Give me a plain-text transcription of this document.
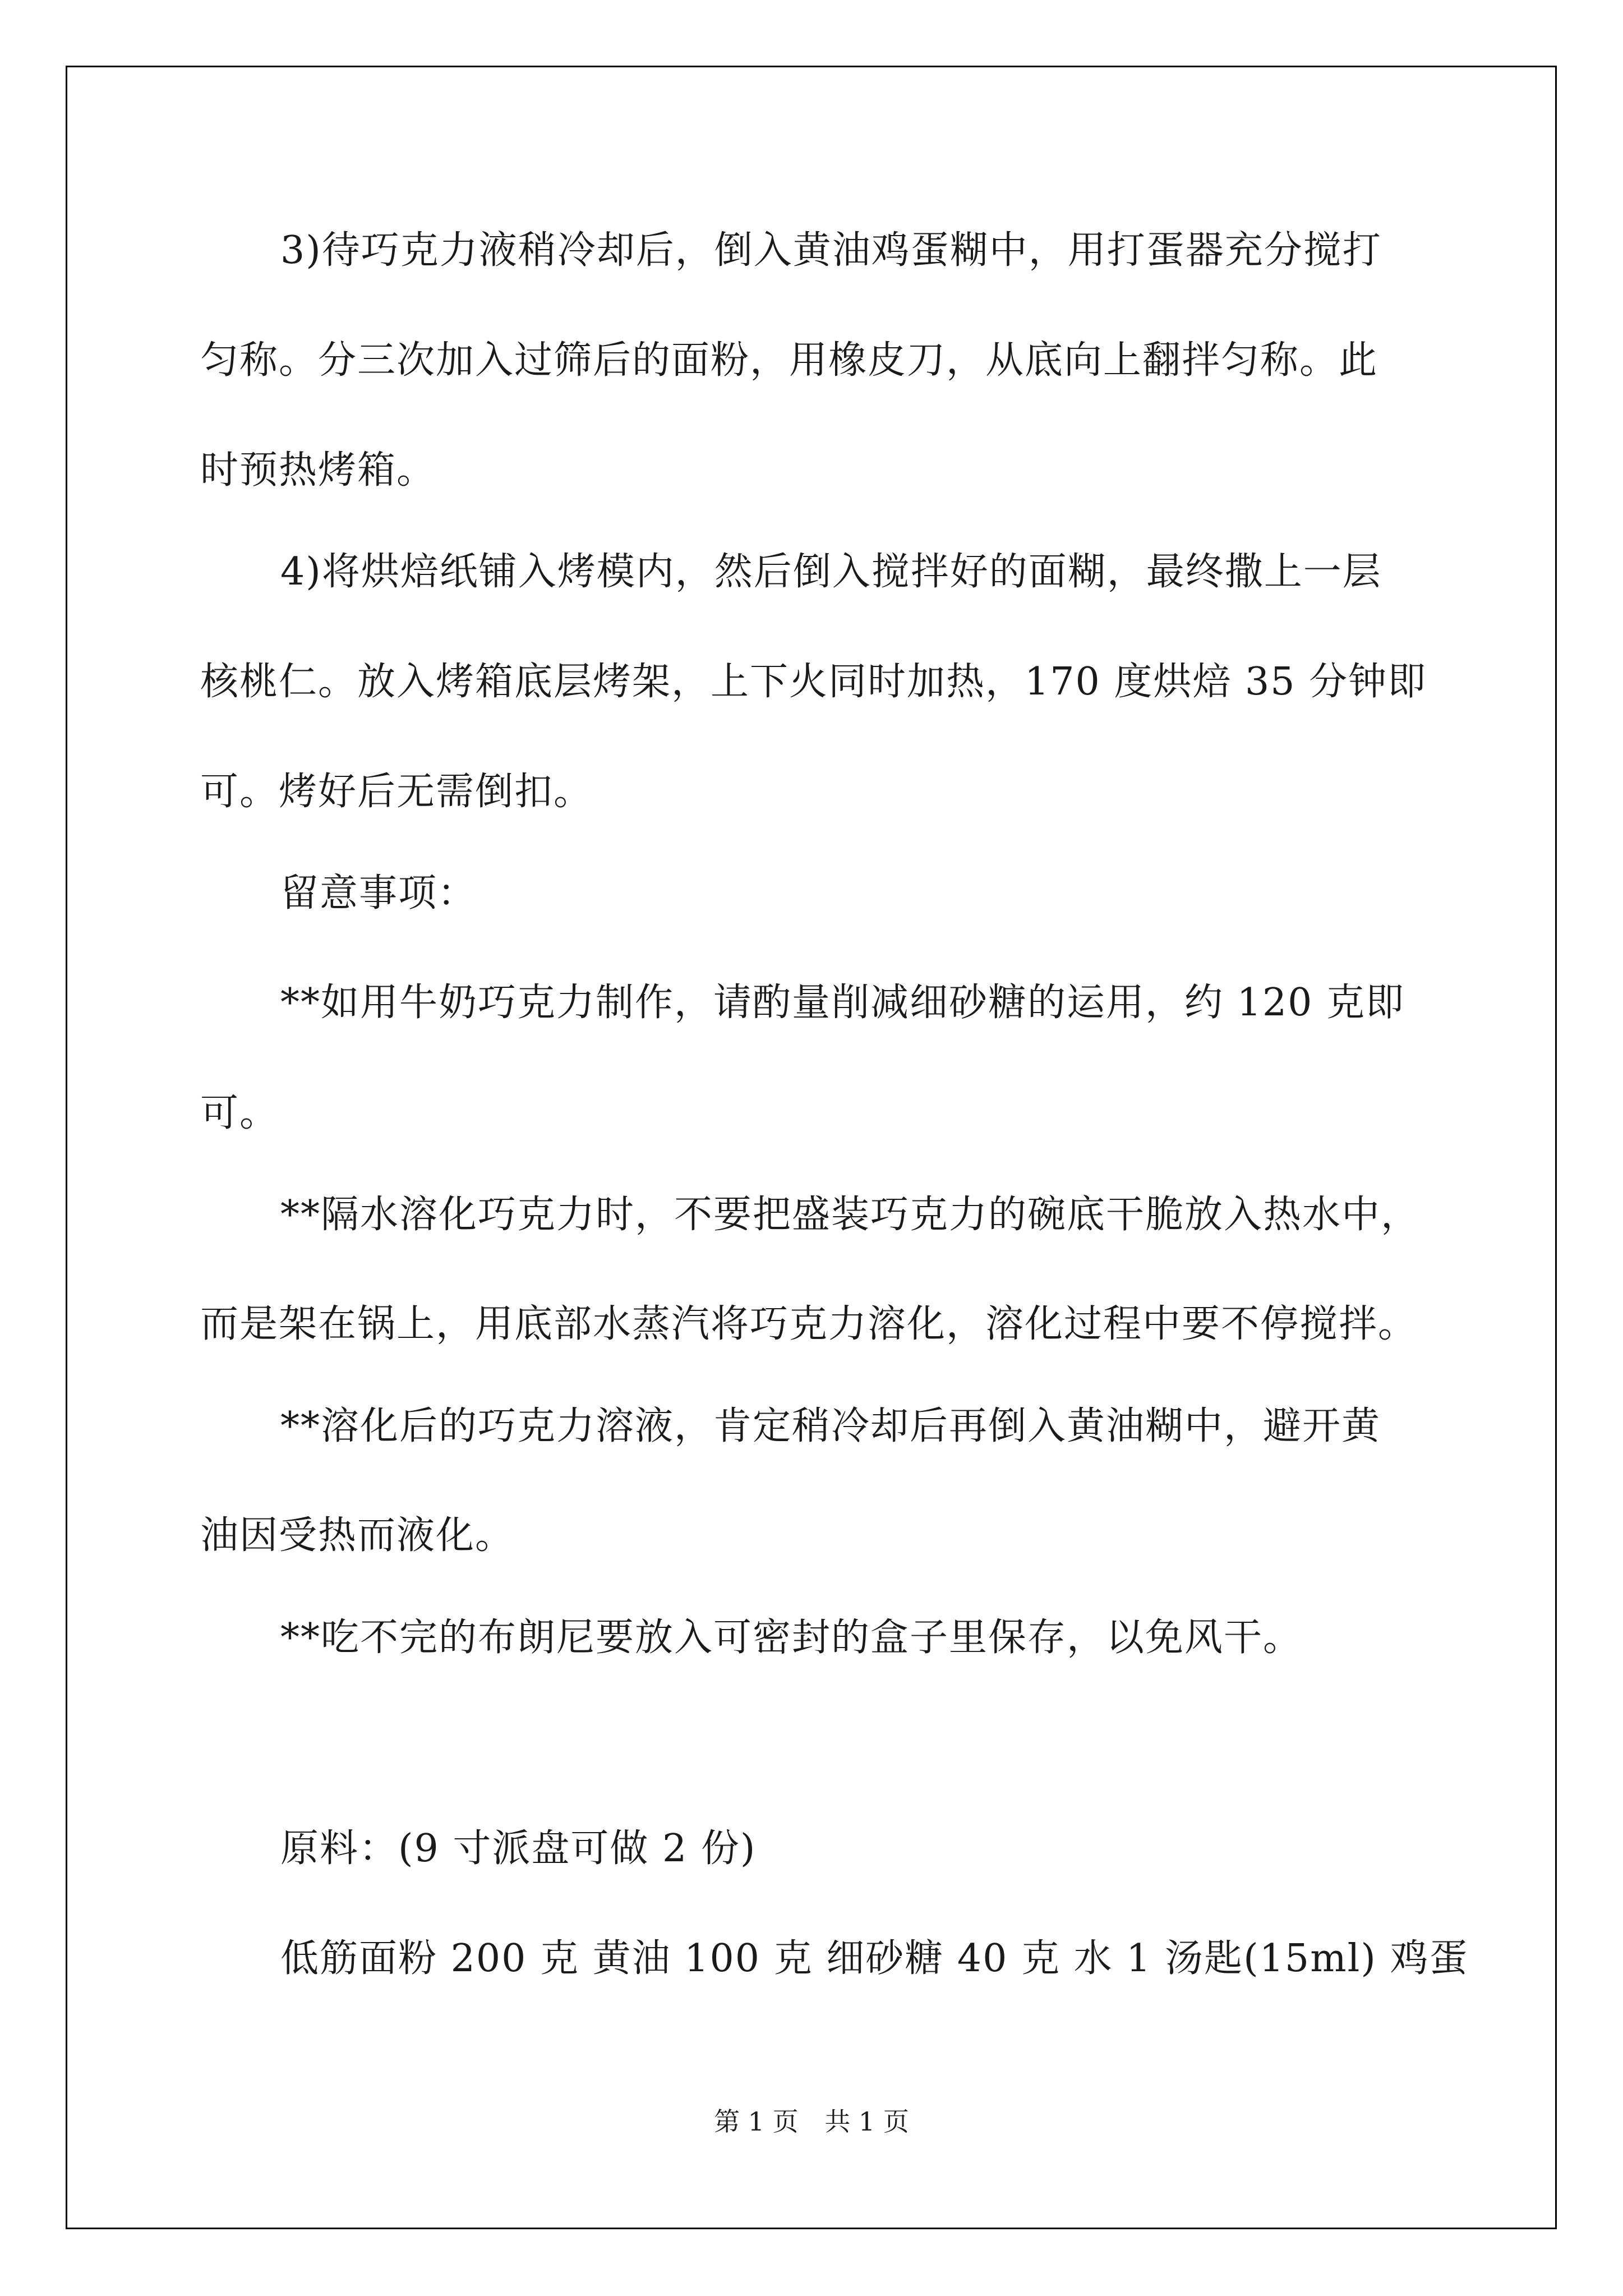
3)待巧克力液稍冷却后，倒入黄油鸡蛋糊中，用打蛋器充分搅打
匀称。分三次加入过筛后的面粉，用橡皮刀，从底向上翻拌匀称。此
时预热烤箱。
4)将烘焙纸铺入烤模内，然后倒入搅拌好的面糊，最终撒上一层
核桃仁。放入烤箱底层烤架，上下火同时加热，170 度烘焙 35 分钟即
可。烤好后无需倒扣。
留意事项：
**如用牛奶巧克力制作，请酌量削减细砂糖的运用，约 120 克即
可。
**隔水溶化巧克力时，不要把盛装巧克力的碗底干脆放入热水中，
而是架在锅上，用底部水蒸汽将巧克力溶化，溶化过程中要不停搅拌。
**溶化后的巧克力溶液，肯定稍冷却后再倒入黄油糊中，避开黄
油因受热而液化。
**吃不完的布朗尼要放入可密封的盒子里保存，以免风干。
原料：(9 寸派盘可做 2 份)
低筋面粉 200 克 黄油 100 克 细砂糖 40 克 水 1 汤匙(15ml) 鸡蛋
第 1 页 共 1 页
